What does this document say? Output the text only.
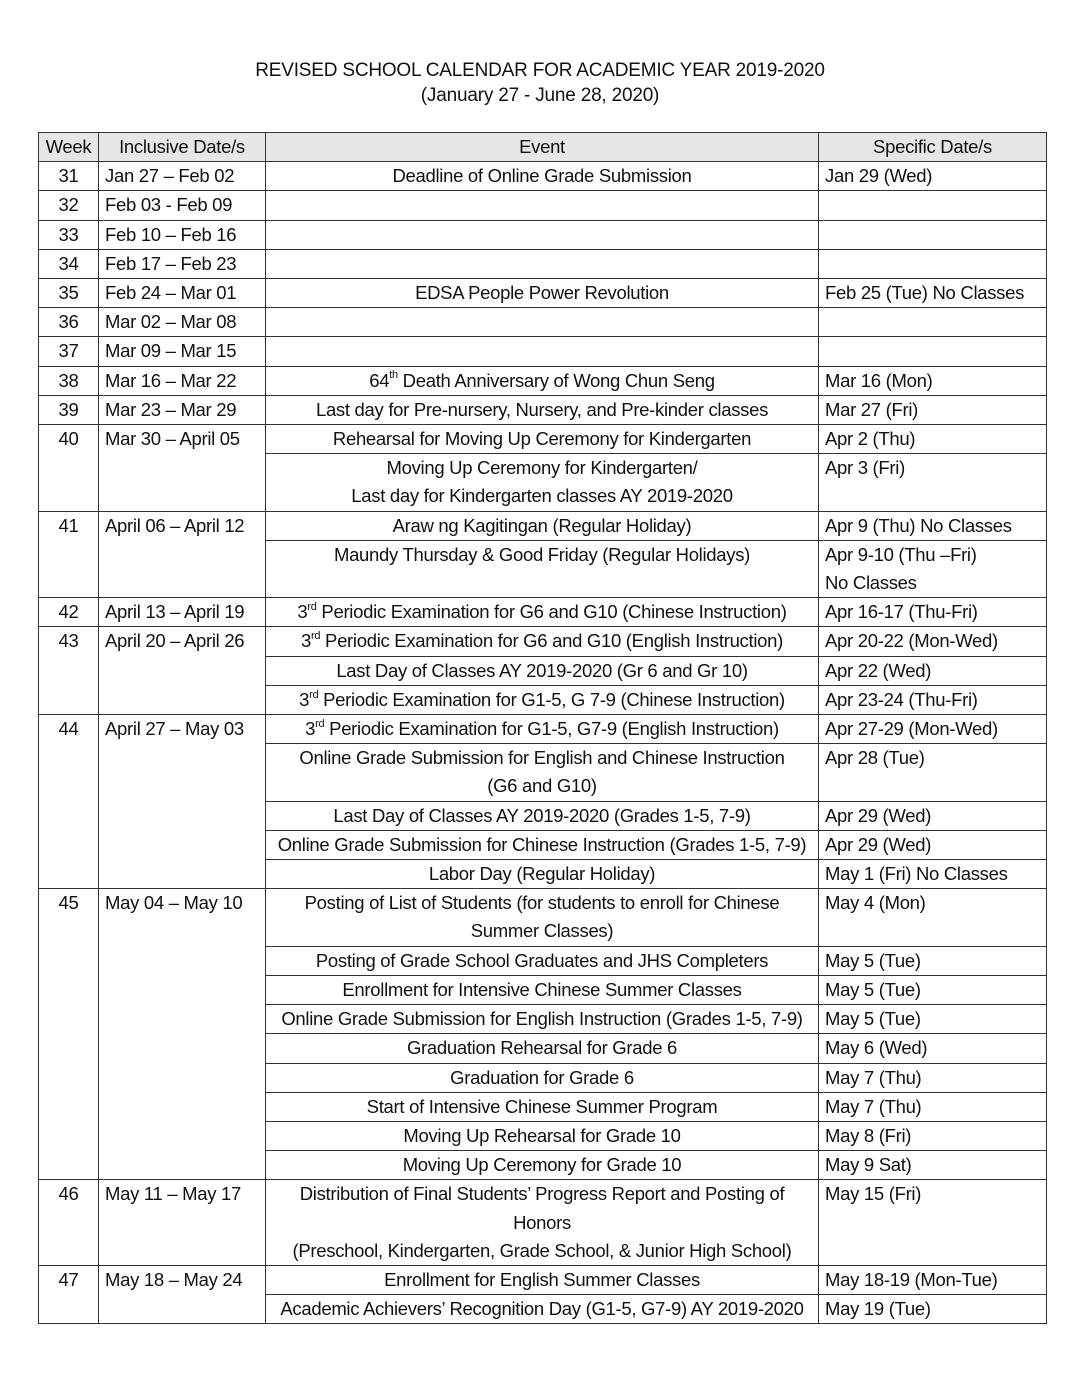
REVISED SCHOOL CALENDAR FOR ACADEMIC YEAR 2019-2020
(January 27 - June 28, 2020)
Week	Inclusive Date/s	Event	Specific Date/s
31	Jan 27 – Feb 02	Deadline of Online Grade Submission	Jan 29 (Wed)
32	Feb 03 - Feb 09		
33	Feb 10 – Feb 16		
34	Feb 17 – Feb 23		
35	Feb 24 – Mar 01	EDSA People Power Revolution	Feb 25 (Tue) No Classes
36	Mar 02 – Mar 08		
37	Mar 09 – Mar 15		
38	Mar 16 – Mar 22	64th Death Anniversary of Wong Chun Seng	Mar 16 (Mon)
39	Mar 23 – Mar 29	Last day for Pre-nursery, Nursery, and Pre-kinder classes	Mar 27 (Fri)
40	Mar 30 – April 05	Rehearsal for Moving Up Ceremony for Kindergarten	Apr 2 (Thu)
		Moving Up Ceremony for Kindergarten/
Last day for Kindergarten classes AY 2019-2020	Apr 3 (Fri)
41	April 06 – April 12	Araw ng Kagitingan (Regular Holiday)	Apr 9 (Thu) No Classes
		Maundy Thursday & Good Friday (Regular Holidays)	Apr 9-10 (Thu –Fri)
No Classes
42	April 13 – April 19	3rd Periodic Examination for G6 and G10 (Chinese Instruction)	Apr 16-17 (Thu-Fri)
43	April 20 – April 26	3rd Periodic Examination for G6 and G10 (English Instruction)	Apr 20-22 (Mon-Wed)
		Last Day of Classes AY 2019-2020 (Gr 6 and Gr 10)	Apr 22 (Wed)
		3rd Periodic Examination for G1-5, G 7-9 (Chinese Instruction)	Apr 23-24 (Thu-Fri)
44	April 27 – May 03	3rd Periodic Examination for G1-5, G7-9 (English Instruction)	Apr 27-29 (Mon-Wed)
		Online Grade Submission for English and Chinese Instruction
(G6 and G10)	Apr 28 (Tue)
		Last Day of Classes AY 2019-2020 (Grades 1-5, 7-9)	Apr 29 (Wed)
		Online Grade Submission for Chinese Instruction (Grades 1-5, 7-9)	Apr 29 (Wed)
		Labor Day (Regular Holiday)	May 1 (Fri) No Classes
45	May 04 – May 10	Posting of List of Students (for students to enroll for Chinese
Summer Classes)	May 4 (Mon)
		Posting of Grade School Graduates and JHS Completers	May 5 (Tue)
		Enrollment for Intensive Chinese Summer Classes	May 5 (Tue)
		Online Grade Submission for English Instruction (Grades 1-5, 7-9)	May 5 (Tue)
		Graduation Rehearsal for Grade 6	May 6 (Wed)
		Graduation for Grade 6	May 7 (Thu)
		Start of Intensive Chinese Summer Program	May 7 (Thu)
		Moving Up Rehearsal for Grade 10	May 8 (Fri)
		Moving Up Ceremony for Grade 10	May 9 Sat)
46	May 11 – May 17	Distribution of Final Students’ Progress Report and Posting of Honors
(Preschool, Kindergarten, Grade School, & Junior High School)	May 15 (Fri)
47	May 18 – May 24	Enrollment for English Summer Classes	May 18-19 (Mon-Tue)
		Academic Achievers’ Recognition Day (G1-5, G7-9) AY 2019-2020	May 19 (Tue)
